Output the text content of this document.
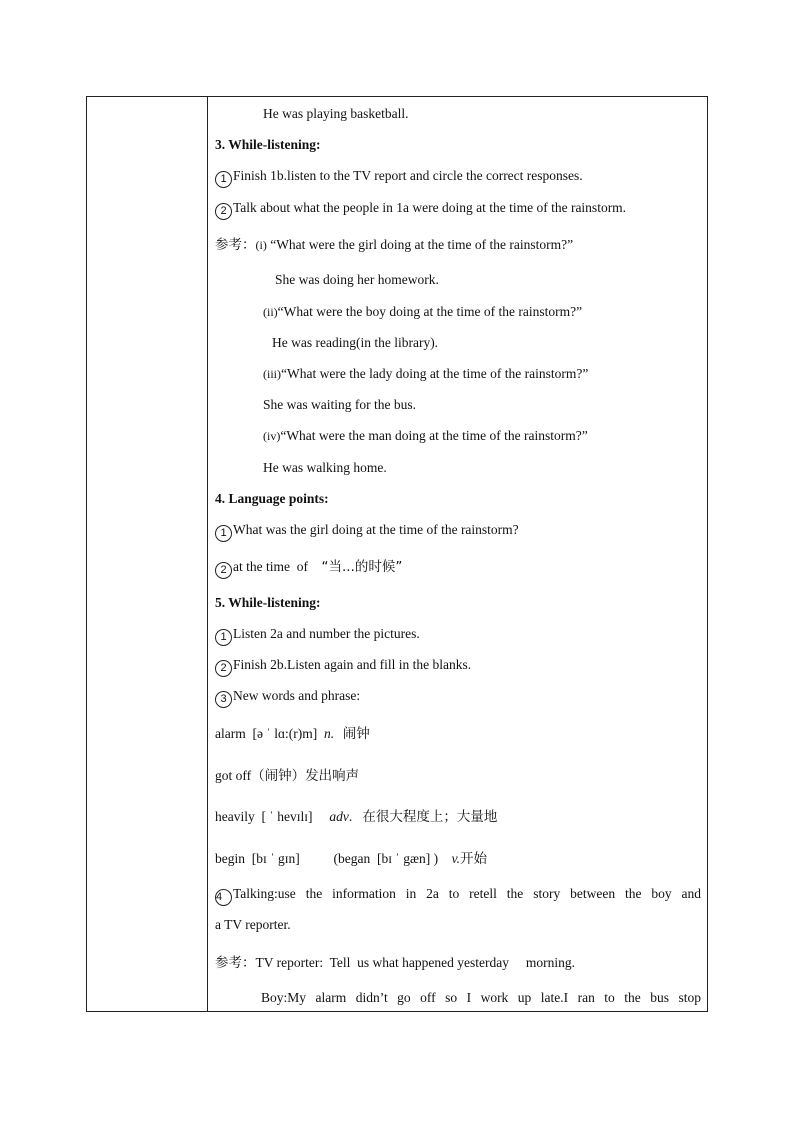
He was playing basketball.
3. While-listening:
1 Finish 1b.listen to the TV report and circle the correct responses.
2 Talk about what the people in 1a were doing at the time of the rainstorm.
参考：(i) “What were the girl doing at the time of the rainstorm?”
She was doing her homework.
(ii)“What were the boy doing at the time of the rainstorm?”
He was reading(in the library).
(iii)“What were the lady doing at the time of the rainstorm?”
She was waiting for the bus.
(iv)“What were the man doing at the time of the rainstorm?”
He was walking home.
4. Language points:
1 What was the girl doing at the time of the rainstorm?
2 at the time  of    “当...的时候”
5. While-listening:
1 Listen 2a and number the pictures.
2 Finish 2b.Listen again and fill in the blanks.
3 New words and phrase:
alarm  [ə ˈ lɑ:(r)m]  n.  闹钟
got off（闹钟）发出响声
heavily  [ ˈ hevɪlɪ]     adv.   在很大程度上；大量地
begin  [bɪ ˈ gɪn]          (began  [bɪ ˈ gæn] )    v.开始
4 Talking:use the information in 2a to retell the story between the boy and
a TV reporter.
参考：TV reporter:  Tell  us what happened yesterday     morning.
Boy:My alarm didn’t go off so I work up late.I ran to the bus stop
